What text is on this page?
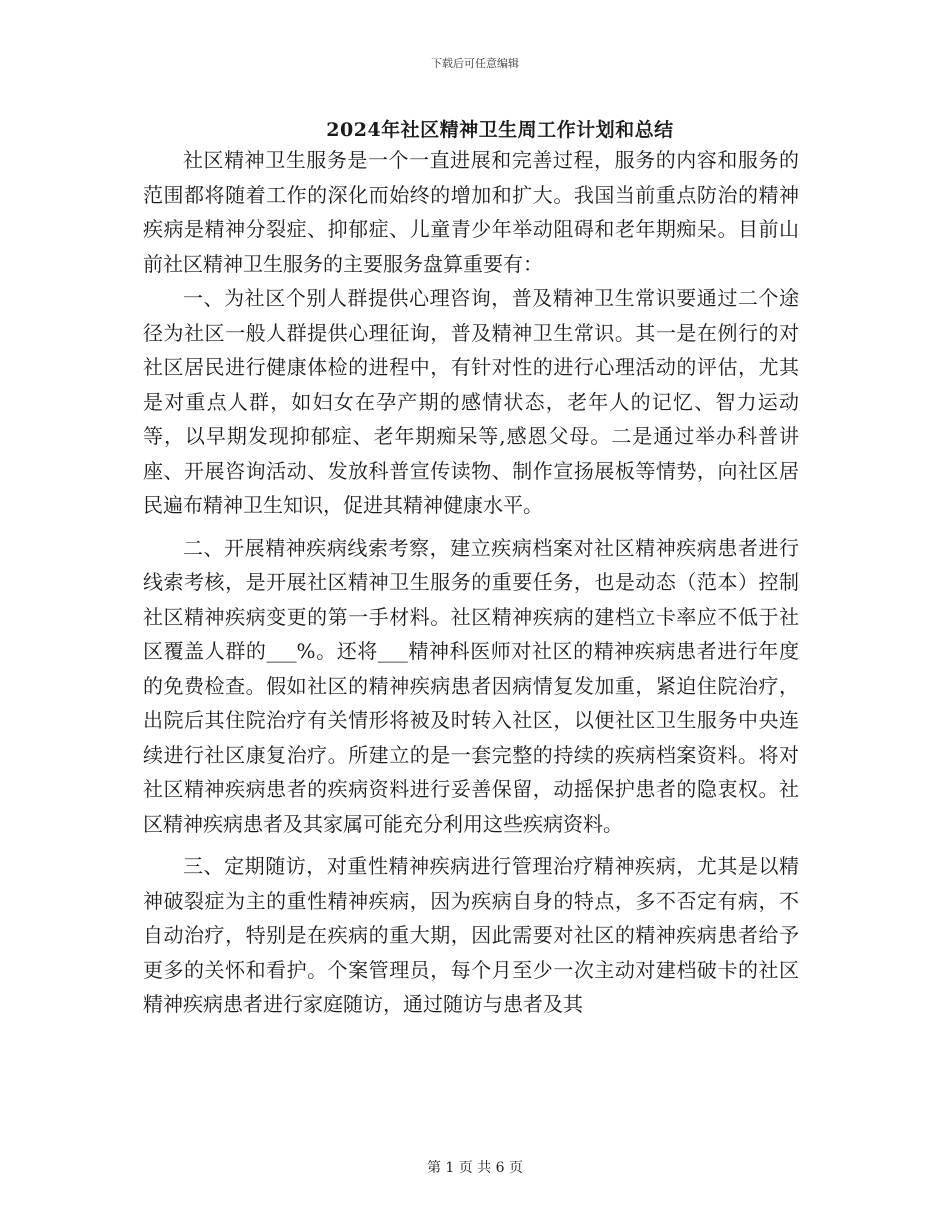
下载后可任意编辑
2024年社区精神卫生周工作计划和总结

社区精神卫生服务是一个一直进展和完善过程，服务的内容和服务的范围都将随着工作的深化而始终的增加和扩大。我国当前重点防治的精神疾病是精神分裂症、抑郁症、儿童青少年举动阻碍和老年期痴呆。目前山前社区精神卫生服务的主要服务盘算重要有：

一、为社区个别人群提供心理咨询，普及精神卫生常识要通过二个途径为社区一般人群提供心理征询，普及精神卫生常识。其一是在例行的对社区居民进行健康体检的进程中，有针对性的进行心理活动的评估，尤其是对重点人群，如妇女在孕产期的感情状态，老年人的记忆、智力运动等，以早期发现抑郁症、老年期痴呆等,感恩父母。二是通过举办科普讲座、开展咨询活动、发放科普宣传读物、制作宣扬展板等情势，向社区居民遍布精神卫生知识，促进其精神健康水平。

二、开展精神疾病线索考察，建立疾病档案对社区精神疾病患者进行线索考核，是开展社区精神卫生服务的重要任务，也是动态（范本）控制社区精神疾病变更的第一手材料。社区精神疾病的建档立卡率应不低于社区覆盖人群的___%。还将___精神科医师对社区的精神疾病患者进行年度的免费检查。假如社区的精神疾病患者因病情复发加重，紧迫住院治疗，出院后其住院治疗有关情形将被及时转入社区，以便社区卫生服务中央连续进行社区康复治疗。所建立的是一套完整的持续的疾病档案资料。将对社区精神疾病患者的疾病资料进行妥善保留，动摇保护患者的隐衷权。社区精神疾病患者及其家属可能充分利用这些疾病资料。

三、定期随访，对重性精神疾病进行管理治疗精神疾病，尤其是以精神破裂症为主的重性精神疾病，因为疾病自身的特点，多不否定有病，不自动治疗，特别是在疾病的重大期，因此需要对社区的精神疾病患者给予更多的关怀和看护。个案管理员，每个月至少一次主动对建档破卡的社区精神疾病患者进行家庭随访，通过随访与患者及其

第 1 页 共 6 页
